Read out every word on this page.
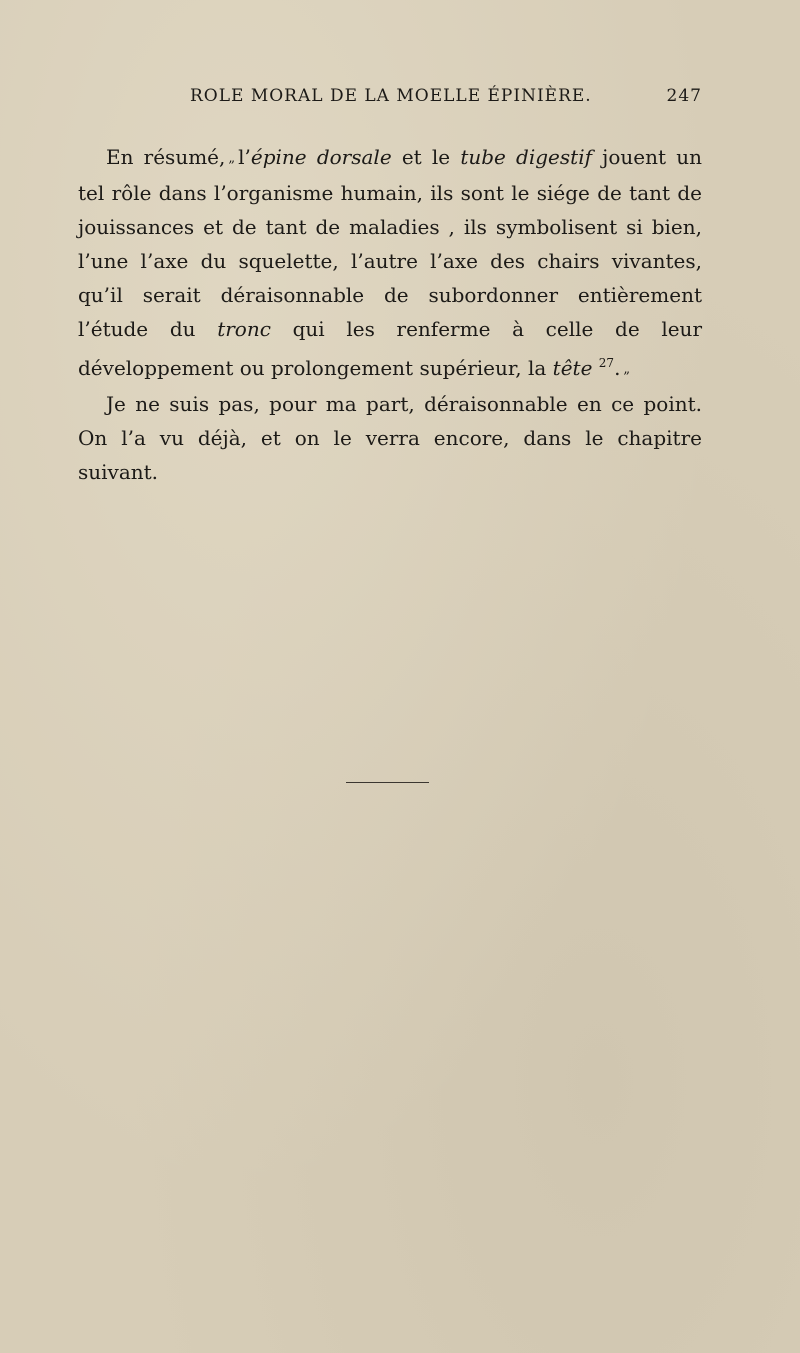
ROLE MORAL DE LA MOELLE ÉPINIÈRE.	247

En résumé, „ l’épine dorsale et le tube digestif jouent un tel rôle dans l’organisme humain, ils sont le siége de tant de jouissances et de tant de maladies , ils symbolisent si bien, l’une l’axe du squelette, l’autre l’axe des chairs vivantes, qu’il serait déraisonnable de subordonner entièrement l’étude du tronc qui les renferme à celle de leur développement ou prolongement supérieur, la tête $^{27}$. „

Je ne suis pas, pour ma part, déraisonnable en ce point. On l’a vu déjà, et on le verra encore, dans le chapitre suivant.
